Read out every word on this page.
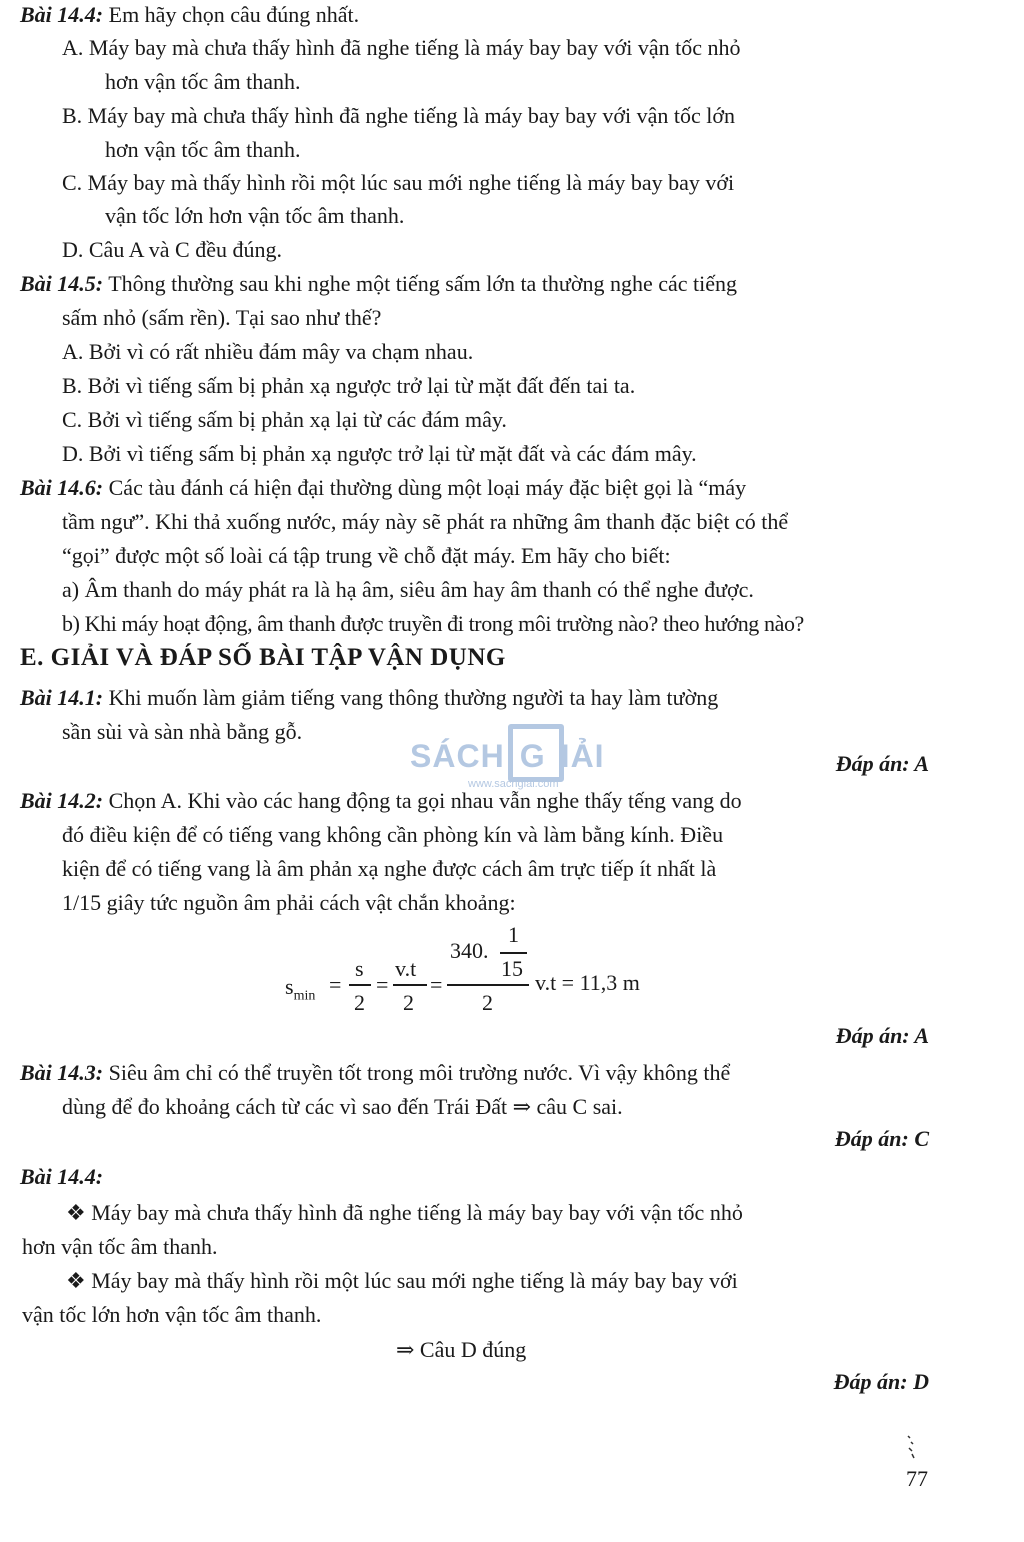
Bài 14.4: Em hãy chọn câu đúng nhất.
A. Máy bay mà chưa thấy hình đã nghe tiếng là máy bay bay với vận tốc nhỏ
hơn vận tốc âm thanh.
B. Máy bay mà chưa thấy hình đã nghe tiếng là máy bay bay với vận tốc lớn
hơn vận tốc âm thanh.
C. Máy bay mà thấy hình rồi một lúc sau mới nghe tiếng là máy bay bay với
vận tốc lớn hơn vận tốc âm thanh.
D. Câu A và C đều đúng.
Bài 14.5: Thông thường sau khi nghe một tiếng sấm lớn ta thường nghe các tiếng
sấm nhỏ (sấm rền). Tại sao như thế?
A. Bởi vì có rất nhiều đám mây va chạm nhau.
B. Bởi vì tiếng sấm bị phản xạ ngược trở lại từ mặt đất đến tai ta.
C. Bởi vì tiếng sấm bị phản xạ lại từ các đám mây.
D. Bởi vì tiếng sấm bị phản xạ ngược trở lại từ mặt đất và các đám mây.
Bài 14.6: Các tàu đánh cá hiện đại thường dùng một loại máy đặc biệt gọi là “máy
tầm ngư”. Khi thả xuống nước, máy này sẽ phát ra những âm thanh đặc biệt có thể
“gọi” được một số loài cá tập trung về chỗ đặt máy. Em hãy cho biết:
a) Âm thanh do máy phát ra là hạ âm, siêu âm hay âm thanh có thể nghe được.
b) Khi máy hoạt động, âm thanh được truyền đi trong môi trường nào? theo hướng nào?
E. GIẢI VÀ ĐÁP SỐ BÀI TẬP VẬN DỤNG
SÁCH G IẢI
www.sachgiai.com
Bài 14.1: Khi muốn làm giảm tiếng vang thông thường người ta hay làm tường
sần sùi và sàn nhà bằng gỗ.
Đáp án: A
Bài 14.2: Chọn A. Khi vào các hang động ta gọi nhau vẫn nghe thấy tếng vang do
đó điều kiện để có tiếng vang không cần phòng kín và làm bằng kính. Điều
kiện để có tiếng vang là âm phản xạ nghe được cách âm trực tiếp ít nhất là
1/15 giây tức nguồn âm phải cách vật chắn khoảng:
$s_{min}$ =
s
2
=
v.t
2
=
340.
1
15
2
v.t = 11,3 m
Đáp án: A
Bài 14.3: Siêu âm chỉ có thể truyền tốt trong môi trường nước. Vì vậy không thể
dùng để đo khoảng cách từ các vì sao đến Trái Đất ⇒ câu C sai.
Đáp án: C
Bài 14.4:
❖ Máy bay mà chưa thấy hình đã nghe tiếng là máy bay bay với vận tốc nhỏ
hơn vận tốc âm thanh.
❖ Máy bay mà thấy hình rồi một lúc sau mới nghe tiếng là máy bay bay với
vận tốc lớn hơn vận tốc âm thanh.
⇒ Câu D đúng
Đáp án: D
77
